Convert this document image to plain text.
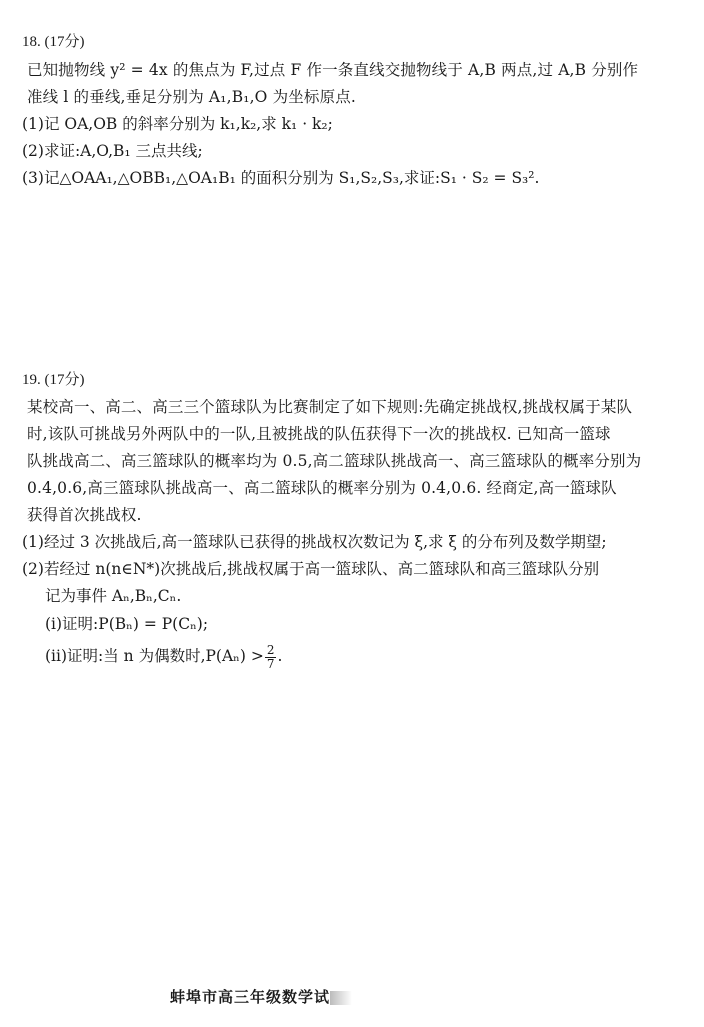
18. (17分)

已知抛物线 y² = 4x 的焦点为 F,过点 F 作一条直线交抛物线于 A,B 两点,过 A,B 分别作

准线 l 的垂线,垂足分别为 A₁,B₁,O 为坐标原点.

(1)记 OA,OB 的斜率分别为 k₁,k₂,求 k₁ · k₂;

(2)求证:A,O,B₁ 三点共线;

(3)记△OAA₁,△OBB₁,△OA₁B₁ 的面积分别为 S₁,S₂,S₃,求证:S₁ · S₂ = S₃².

19. (17分)

某校高一、高二、高三三个篮球队为比赛制定了如下规则:先确定挑战权,挑战权属于某队

时,该队可挑战另外两队中的一队,且被挑战的队伍获得下一次的挑战权. 已知高一篮球

队挑战高二、高三篮球队的概率均为 0.5,高二篮球队挑战高一、高三篮球队的概率分别为

0.4,0.6,高三篮球队挑战高一、高二篮球队的概率分别为 0.4,0.6. 经商定,高一篮球队

获得首次挑战权.

(1)经过 3 次挑战后,高一篮球队已获得的挑战权次数记为 ξ,求 ξ 的分布列及数学期望;

(2)若经过 n(n∈N*)次挑战后,挑战权属于高一篮球队、高二篮球队和高三篮球队分别

记为事件 Aₙ,Bₙ,Cₙ.

(i)证明:P(Bₙ) = P(Cₙ);

(ii)证明:当 n 为偶数时$,P(A_n) > \frac{2}{7}$ .

蚌埠市高三年级数学试
